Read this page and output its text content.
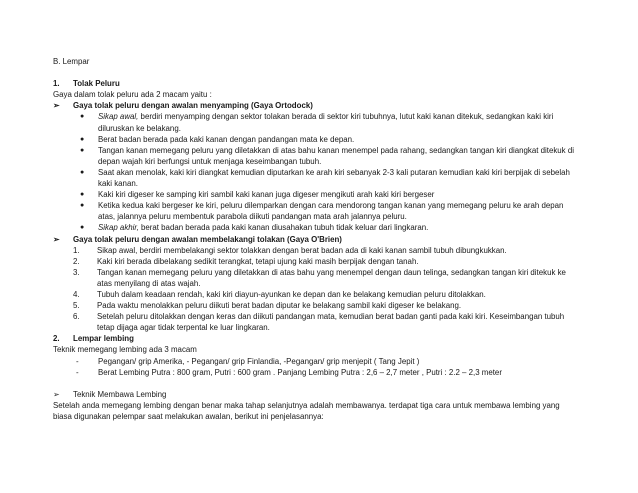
B. Lempar
1. Tolak Peluru
Gaya dalam tolak peluru ada 2 macam yaitu :
➢ Gaya tolak peluru dengan awalan menyamping (Gaya Ortodock)
● Sikap awal, berdiri menyamping dengan sektor tolakan berada di sektor kiri tubuhnya, lutut kaki kanan ditekuk, sedangkan kaki kiri
diluruskan ke belakang.
● Berat badan berada pada kaki kanan dengan pandangan mata ke depan.
● Tangan kanan memegang peluru yang diletakkan di atas bahu kanan menempel pada rahang, sedangkan tangan kiri diangkat ditekuk di
depan wajah kiri berfungsi untuk menjaga keseimbangan tubuh.
● Saat akan menolak, kaki kiri diangkat kemudian diputarkan ke arah kiri sebanyak 2-3 kali putaran kemudian kaki kiri berpijak di sebelah
kaki kanan.
● Kaki kiri digeser ke samping kiri sambil kaki kanan juga digeser mengikuti arah kaki kiri bergeser
● Ketika kedua kaki bergeser ke kiri, peluru dilemparkan dengan cara mendorong tangan kanan yang memegang peluru ke arah depan
atas, jalannya peluru membentuk parabola diikuti pandangan mata arah jalannya peluru.
● Sikap akhir, berat badan berada pada kaki kanan diusahakan tubuh tidak keluar dari lingkaran.
➢ Gaya tolak peluru dengan awalan membelakangi tolakan (Gaya O'Brien)
1. Sikap awal, berdiri membelakangi sektor tolakkan dengan berat badan ada di kaki kanan sambil tubuh dibungkukkan.
2. Kaki kiri berada dibelakang sedikit terangkat, tetapi ujung kaki masih berpijak dengan tanah.
3. Tangan kanan memegang peluru yang diletakkan di atas bahu yang menempel dengan daun telinga, sedangkan tangan kiri ditekuk ke
atas menyilang di atas wajah.
4. Tubuh dalam keadaan rendah, kaki kiri diayun-ayunkan ke depan dan ke belakang kemudian peluru ditolakkan.
5. Pada waktu menolakkan peluru diikuti berat badan diputar ke belakang sambil kaki digeser ke belakang.
6. Setelah peluru ditolakkan dengan keras dan diikuti pandangan mata, kemudian berat badan ganti pada kaki kiri. Keseimbangan tubuh
tetap dijaga agar tidak terpental ke luar lingkaran.
2. Lempar lembing
Teknik memegang lembing ada 3 macam
- Pegangan/ grip Amerika, - Pegangan/ grip Finlandia, -Pegangan/ grip menjepit ( Tang Jepit )
- Berat Lembing Putra : 800 gram, Putri : 600 gram . Panjang Lembing Putra : 2,6 – 2,7 meter , Putri : 2.2 – 2,3 meter
➢ Teknik Membawa Lembing
Setelah anda memegang lembing dengan benar maka tahap selanjutnya adalah membawanya. terdapat tiga cara untuk membawa lembing yang
biasa digunakan pelempar saat melakukan awalan, berikut ini penjelasannya:
